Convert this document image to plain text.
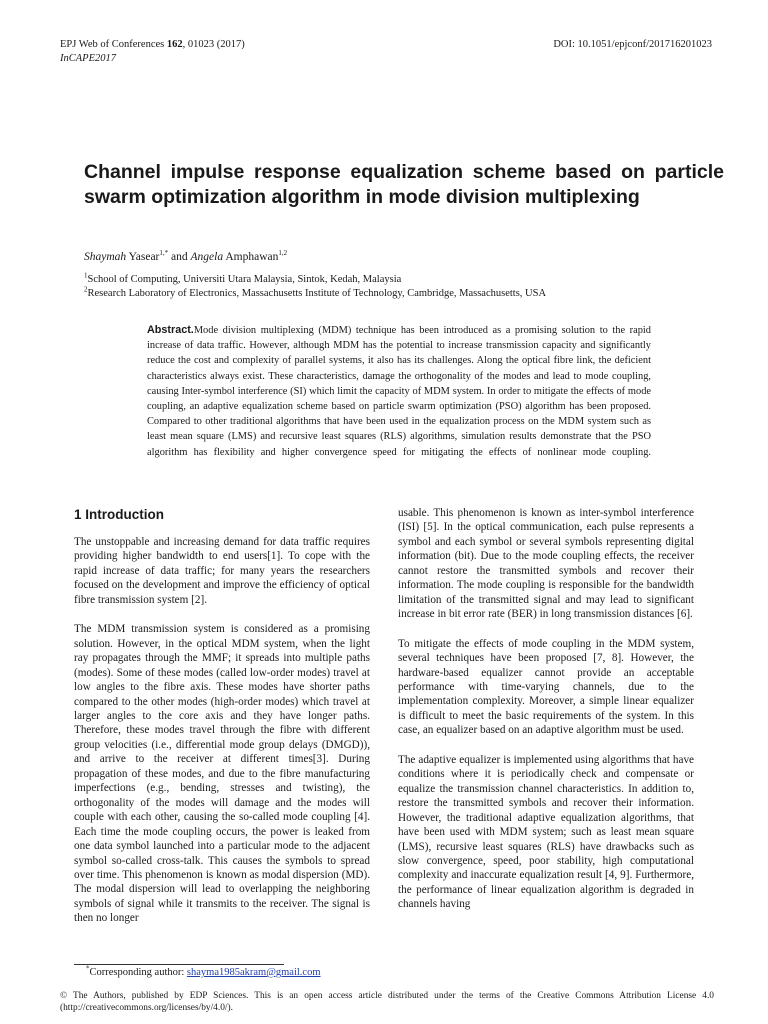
EPJ Web of Conferences 162, 01023 (2017)
InCAPE2017
DOI: 10.1051/epjconf/201716201023
Channel impulse response equalization scheme based on particle swarm optimization algorithm in mode division multiplexing
Shaymah Yasear$^{1,*}$ and Angela Amphawan$^{1,2}$
$^1$School of Computing, Universiti Utara Malaysia, Sintok, Kedah, Malaysia
$^2$Research Laboratory of Electronics, Massachusetts Institute of Technology, Cambridge, Massachusetts, USA
Abstract.Mode division multiplexing (MDM) technique has been introduced as a promising solution to the rapid increase of data traffic. However, although MDM has the potential to increase transmission capacity and significantly reduce the cost and complexity of parallel systems, it also has its challenges. Along the optical fibre link, the deficient characteristics always exist. These characteristics, damage the orthogonality of the modes and lead to mode coupling, causing Inter-symbol interference (SI) which limit the capacity of MDM system. In order to mitigate the effects of mode coupling, an adaptive equalization scheme based on particle swarm optimization (PSO) algorithm has been proposed. Compared to other traditional algorithms that have been used in the equalization process on the MDM system such as least mean square (LMS) and recursive least squares (RLS) algorithms, simulation results demonstrate that the PSO algorithm has flexibility and higher convergence speed for mitigating the effects of nonlinear mode coupling.
1 Introduction

The unstoppable and increasing demand for data traffic requires providing higher bandwidth to end users[1]. To cope with the rapid increase of data traffic; for many years the researchers focused on the development and improve the efficiency of optical fibre transmission system [2].

The MDM transmission system is considered as a promising solution. However, in the optical MDM system, when the light ray propagates through the MMF; it spreads into multiple paths (modes). Some of these modes (called low-order modes) travel at low angles to the fibre axis. These modes have shorter paths compared to the other modes (high-order modes) which travel at larger angles to the core axis and they have longer paths. Therefore, these modes travel through the fibre with different group velocities (i.e., differential mode group delays (DMGD)), and arrive to the receiver at different times[3]. During propagation of these modes, and due to the fibre manufacturing imperfections (e.g., bending, stresses and twisting), the orthogonality of the modes will damage and the modes will couple with each other, causing the so-called mode coupling [4]. Each time the mode coupling occurs, the power is leaked from one data symbol launched into a particular mode to the adjacent symbol so-called cross-talk. This causes the symbols to spread over time. This phenomenon is known as modal dispersion (MD). The modal dispersion will lead to overlapping the neighboring symbols of signal while it transmits to the receiver. The signal is then no longer

usable. This phenomenon is known as inter-symbol interference (ISI) [5]. In the optical communication, each pulse represents a symbol and each symbol or several symbols representing digital information (bit). Due to the mode coupling effects, the receiver cannot restore the transmitted symbols and recover their information. The mode coupling is responsible for the bandwidth limitation of the transmitted signal and may lead to significant increase in bit error rate (BER) in long transmission distances [6].

To mitigate the effects of mode coupling in the MDM system, several techniques have been proposed [7, 8]. However, the hardware-based equalizer cannot provide an acceptable performance with time-varying channels, due to the implementation complexity. Moreover, a simple linear equalizer is difficult to meet the basic requirements of the system. In this case, an equalizer based on an adaptive algorithm must be used.

The adaptive equalizer is implemented using algorithms that have conditions where it is periodically check and compensate or equalize the transmission channel characteristics. In addition to, restore the transmitted symbols and recover their information. However, the traditional adaptive equalization algorithms, that have been used with MDM system; such as least mean square (LMS), recursive least squares (RLS) have drawbacks such as slow convergence, speed, poor stability, high computational complexity and inaccurate equalization result [4, 9]. Furthermore, the performance of linear equalization algorithm is degraded in channels having

*Corresponding author: shayma1985akram@gmail.com
© The Authors, published by EDP Sciences. This is an open access article distributed under the terms of the Creative Commons Attribution License 4.0 (http://creativecommons.org/licenses/by/4.0/).
